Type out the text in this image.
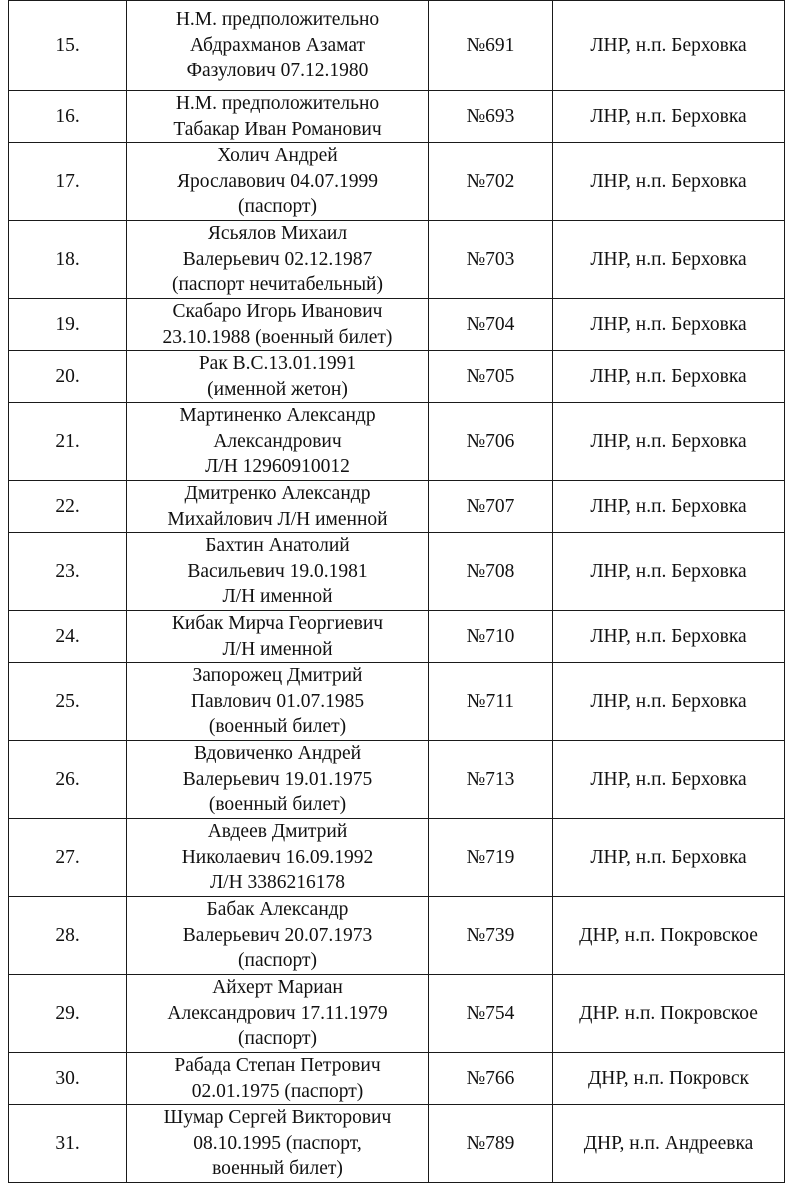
15.	Н.М. предположительно
Абдрахманов Азамат
Фазулович 07.12.1980	№691	ЛНР, н.п. Берховка
16.	Н.М. предположительно
Табакар Иван Романович	№693	ЛНР, н.п. Берховка
17.	Холич Андрей
Ярославович 04.07.1999
(паспорт)	№702	ЛНР, н.п. Берховка
18.	Ясьялов Михаил
Валерьевич 02.12.1987
(паспорт нечитабельный)	№703	ЛНР, н.п. Берховка
19.	Скабаро Игорь Иванович
23.10.1988 (военный билет)	№704	ЛНР, н.п. Берховка
20.	Рак В.С.13.01.1991
(именной жетон)	№705	ЛНР, н.п. Берховка
21.	Мартиненко Александр
Александрович
Л/Н 12960910012	№706	ЛНР, н.п. Берховка
22.	Дмитренко Александр
Михайлович Л/Н именной	№707	ЛНР, н.п. Берховка
23.	Бахтин Анатолий
Васильевич 19.0.1981
Л/Н именной	№708	ЛНР, н.п. Берховка
24.	Кибак Мирча Георгиевич
Л/Н именной	№710	ЛНР, н.п. Берховка
25.	Запорожец Дмитрий
Павлович 01.07.1985
(военный билет)	№711	ЛНР, н.п. Берховка
26.	Вдовиченко Андрей
Валерьевич 19.01.1975
(военный билет)	№713	ЛНР, н.п. Берховка
27.	Авдеев Дмитрий
Николаевич 16.09.1992
Л/Н 3386216178	№719	ЛНР, н.п. Берховка
28.	Бабак Александр
Валерьевич 20.07.1973
(паспорт)	№739	ДНР, н.п. Покровское
29.	Айхерт Мариан
Александрович 17.11.1979
(паспорт)	№754	ДНР. н.п. Покровское
30.	Рабада Степан Петрович
02.01.1975 (паспорт)	№766	ДНР, н.п. Покровск
31.	Шумар Сергей Викторович
08.10.1995 (паспорт,
военный билет)	№789	ДНР, н.п. Андреевка
